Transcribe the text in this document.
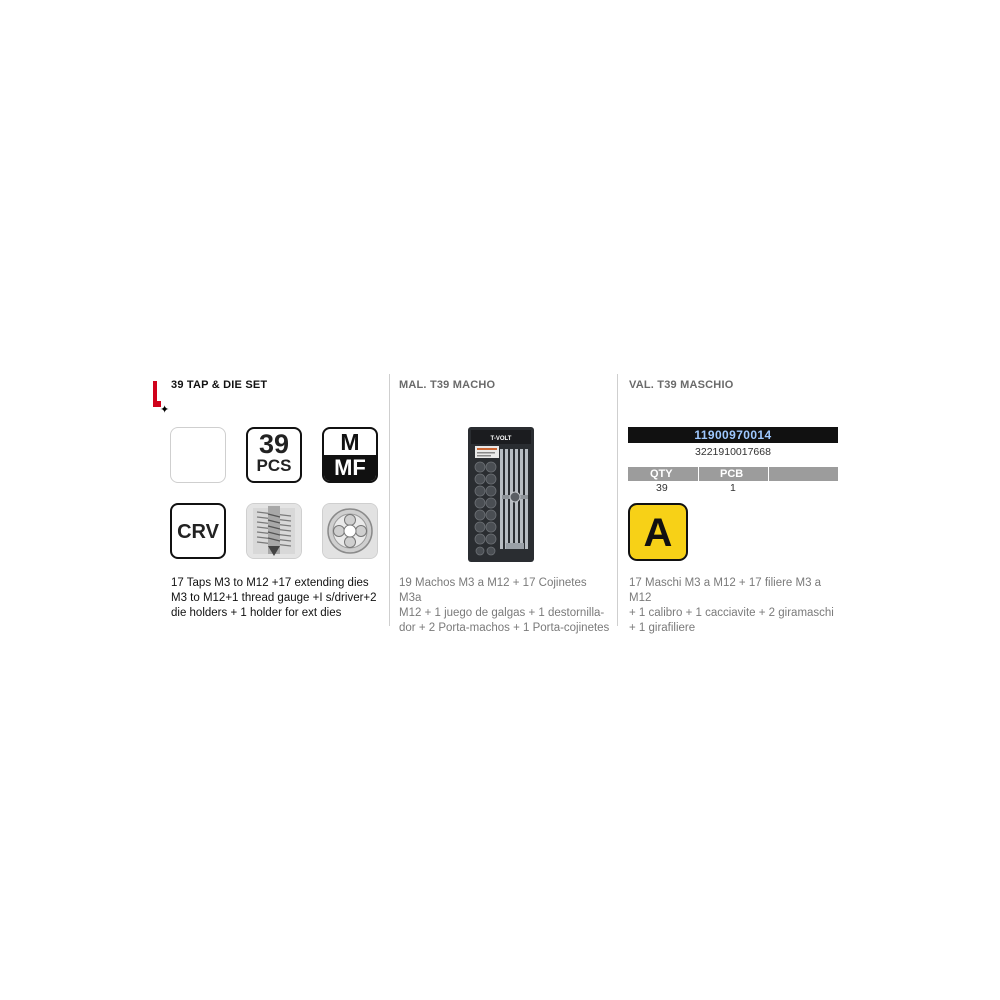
✦
39 TAP & DIE SET	MAL. T39 MACHO	VAL. T39 MASCHIO
39
PCS
M
MF
CRV
T-VOLT	11900970014
3221910017668
QTY	PCB
39	1
A
17 Taps M3 to M12 +17 extending dies
M3 to M12+1 thread gauge +I s/driver+2
die holders + 1 holder for ext dies
19 Machos M3 a M12 + 17 Cojinetes M3a
M12 + 1 juego de galgas + 1 destornilla-
dor + 2 Porta-machos + 1 Porta-cojinetes
17 Maschi M3 a M12 + 17 filiere M3 a M12
+ 1 calibro + 1 cacciavite + 2 giramaschi
+ 1 girafiliere
